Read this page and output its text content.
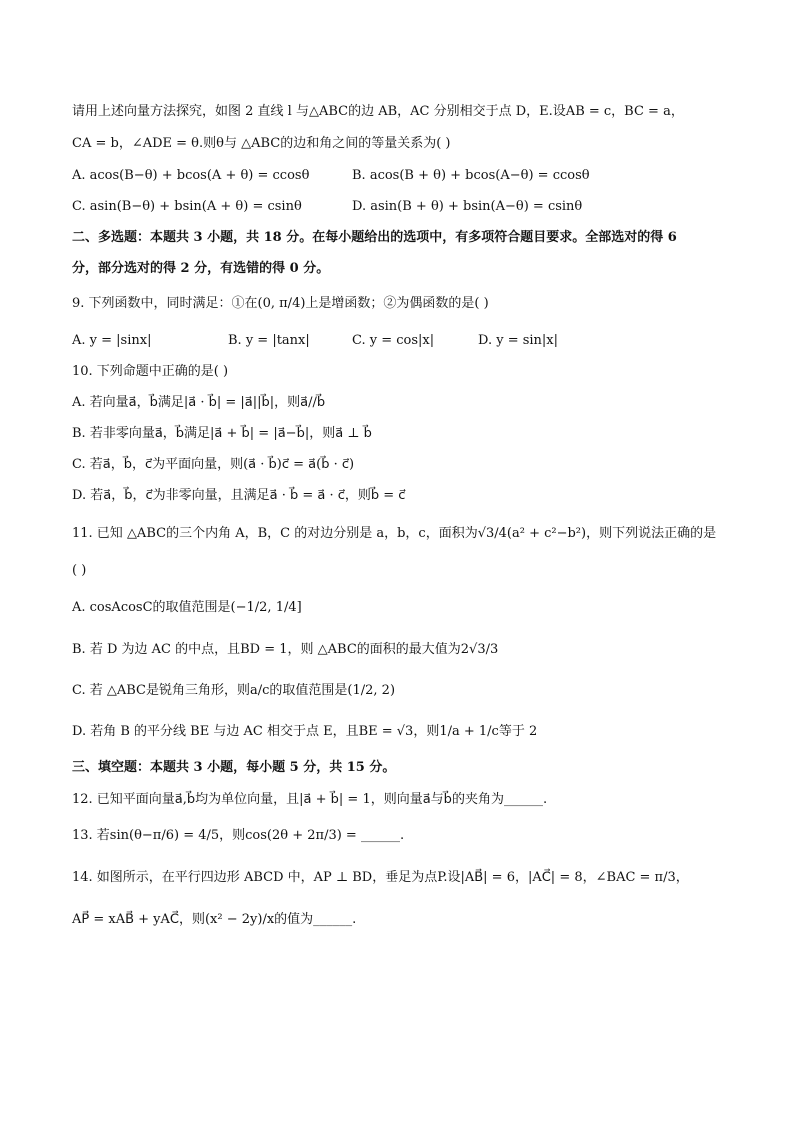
请用上述向量方法探究，如图 2 直线 l 与△ABC的边 AB，AC 分别相交于点 D，E.设AB = c，BC = a，
CA = b，∠ADE = θ.则θ与 △ABC的边和角之间的等量关系为( )
A. acos(B−θ) + bcos(A + θ) = ccosθ	B. acos(B + θ) + bcos(A−θ) = ccosθ
C. asin(B−θ) + bsin(A + θ) = csinθ	D. asin(B + θ) + bsin(A−θ) = csinθ
二、多选题：本题共 3 小题，共 18 分。在每小题给出的选项中，有多项符合题目要求。全部选对的得 6
分，部分选对的得 2 分，有选错的得 0 分。
9. 下列函数中，同时满足：①在(0, π/4)上是增函数；②为偶函数的是( )
A. y = |sinx|	B. y = |tanx|	C. y = cos|x|	D. y = sin|x|
10. 下列命题中正确的是( )
A. 若向量a⃗，b⃗满足|a⃗ · b⃗| = |a⃗||b⃗|，则a⃗//b⃗
B. 若非零向量a⃗，b⃗满足|a⃗ + b⃗| = |a⃗−b⃗|，则a⃗ ⊥ b⃗
C. 若a⃗，b⃗，c⃗为平面向量，则(a⃗ · b⃗)c⃗ = a⃗(b⃗ · c⃗)
D. 若a⃗，b⃗，c⃗为非零向量，且满足a⃗ · b⃗ = a⃗ · c⃗，则b⃗ = c⃗
11. 已知 △ABC的三个内角 A，B，C 的对边分别是 a，b，c，面积为√3/4(a² + c²−b²)，则下列说法正确的是
( )
A. cosAcosC的取值范围是(−1/2, 1/4]
B. 若 D 为边 AC 的中点，且BD = 1，则 △ABC的面积的最大值为2√3/3
C. 若 △ABC是锐角三角形，则a/c的取值范围是(1/2, 2)
D. 若角 B 的平分线 BE 与边 AC 相交于点 E，且BE = √3，则1/a + 1/c等于 2
三、填空题：本题共 3 小题，每小题 5 分，共 15 分。
12. 已知平面向量a⃗,b⃗均为单位向量，且|a⃗ + b⃗| = 1，则向量a⃗与b⃗的夹角为______.
13. 若sin(θ−π/6) = 4/5，则cos(2θ + 2π/3) = ______.
14. 如图所示，在平行四边形 ABCD 中，AP ⊥ BD，垂足为点P.设|AB⃗| = 6，|AC⃗| = 8，∠BAC = π/3，
AP⃗ = xAB⃗ + yAC⃗，则(x² − 2y)/x的值为______.
